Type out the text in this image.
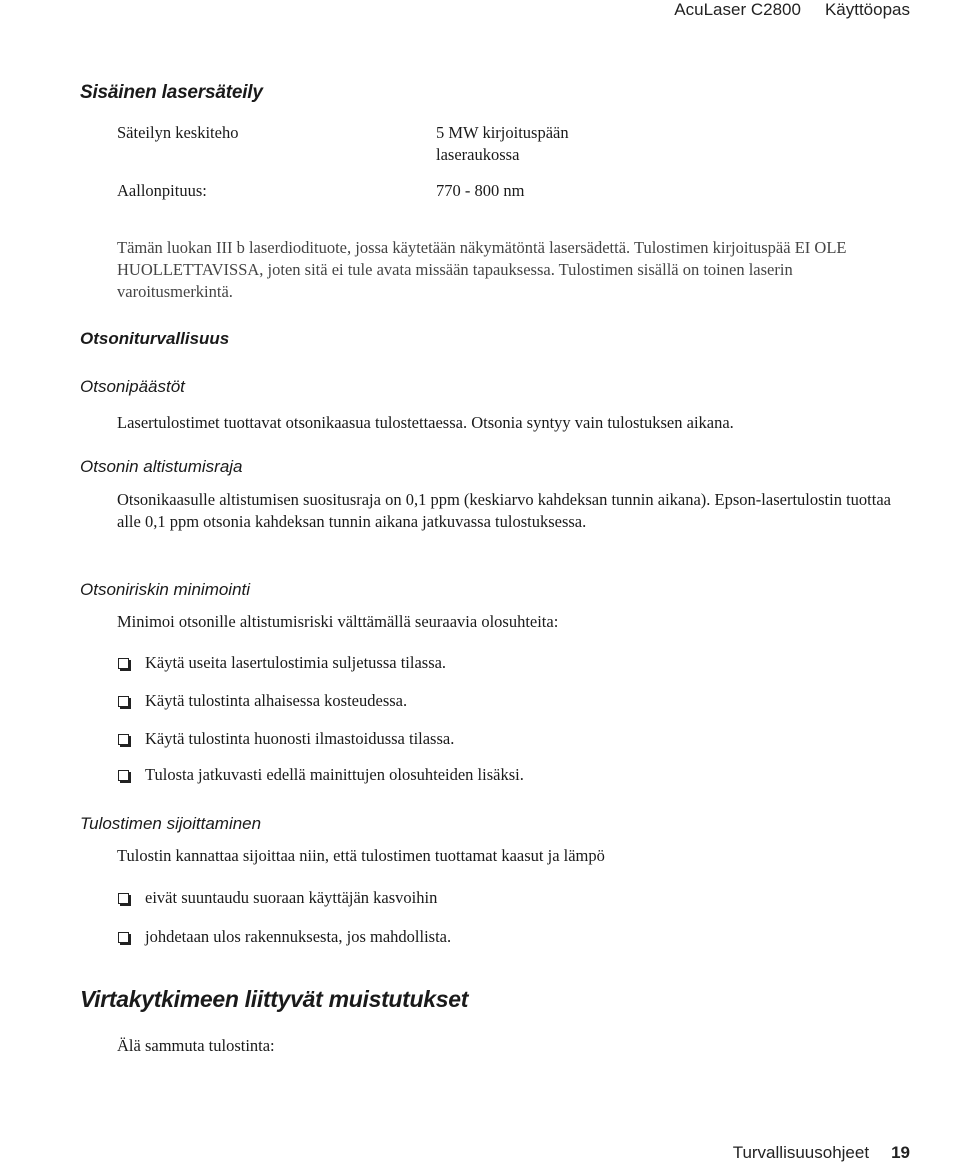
AcuLaser C2800 Käyttöopas
Sisäinen lasersäteily

Säteilyn keskiteho	5 MW kirjoituspään laseraukossa

Aallonpituus:	770 - 800 nm

Tämän luokan III b laserdiodituote, jossa käytetään näkymätöntä lasersädettä. Tulostimen kirjoituspää EI OLE HUOLLETTAVISSA, joten sitä ei tule avata missään tapauksessa. Tulostimen sisällä on toinen laserin varoitusmerkintä.

Otsoniturvallisuus
Otsonipäästöt

Lasertulostimet tuottavat otsonikaasua tulostettaessa. Otsonia syntyy vain tulostuksen aikana.

Otsonin altistumisraja

Otsonikaasulle altistumisen suositusraja on 0,1 ppm (keskiarvo kahdeksan tunnin aikana). Epson-lasertulostin tuottaa alle 0,1 ppm otsonia kahdeksan tunnin aikana jatkuvassa tulostuksessa.

Otsoniriskin minimointi

Minimoi otsonille altistumisriski välttämällä seuraavia olosuhteita:

Käytä useita lasertulostimia suljetussa tilassa.
Käytä tulostinta alhaisessa kosteudessa.
Käytä tulostinta huonosti ilmastoidussa tilassa.
Tulosta jatkuvasti edellä mainittujen olosuhteiden lisäksi.
Tulostimen sijoittaminen

Tulostin kannattaa sijoittaa niin, että tulostimen tuottamat kaasut ja lämpö

eivät suuntaudu suoraan käyttäjän kasvoihin
johdetaan ulos rakennuksesta, jos mahdollista.
Virtakytkimeen liittyvät muistutukset

Älä sammuta tulostinta:

Turvallisuusohjeet 19
